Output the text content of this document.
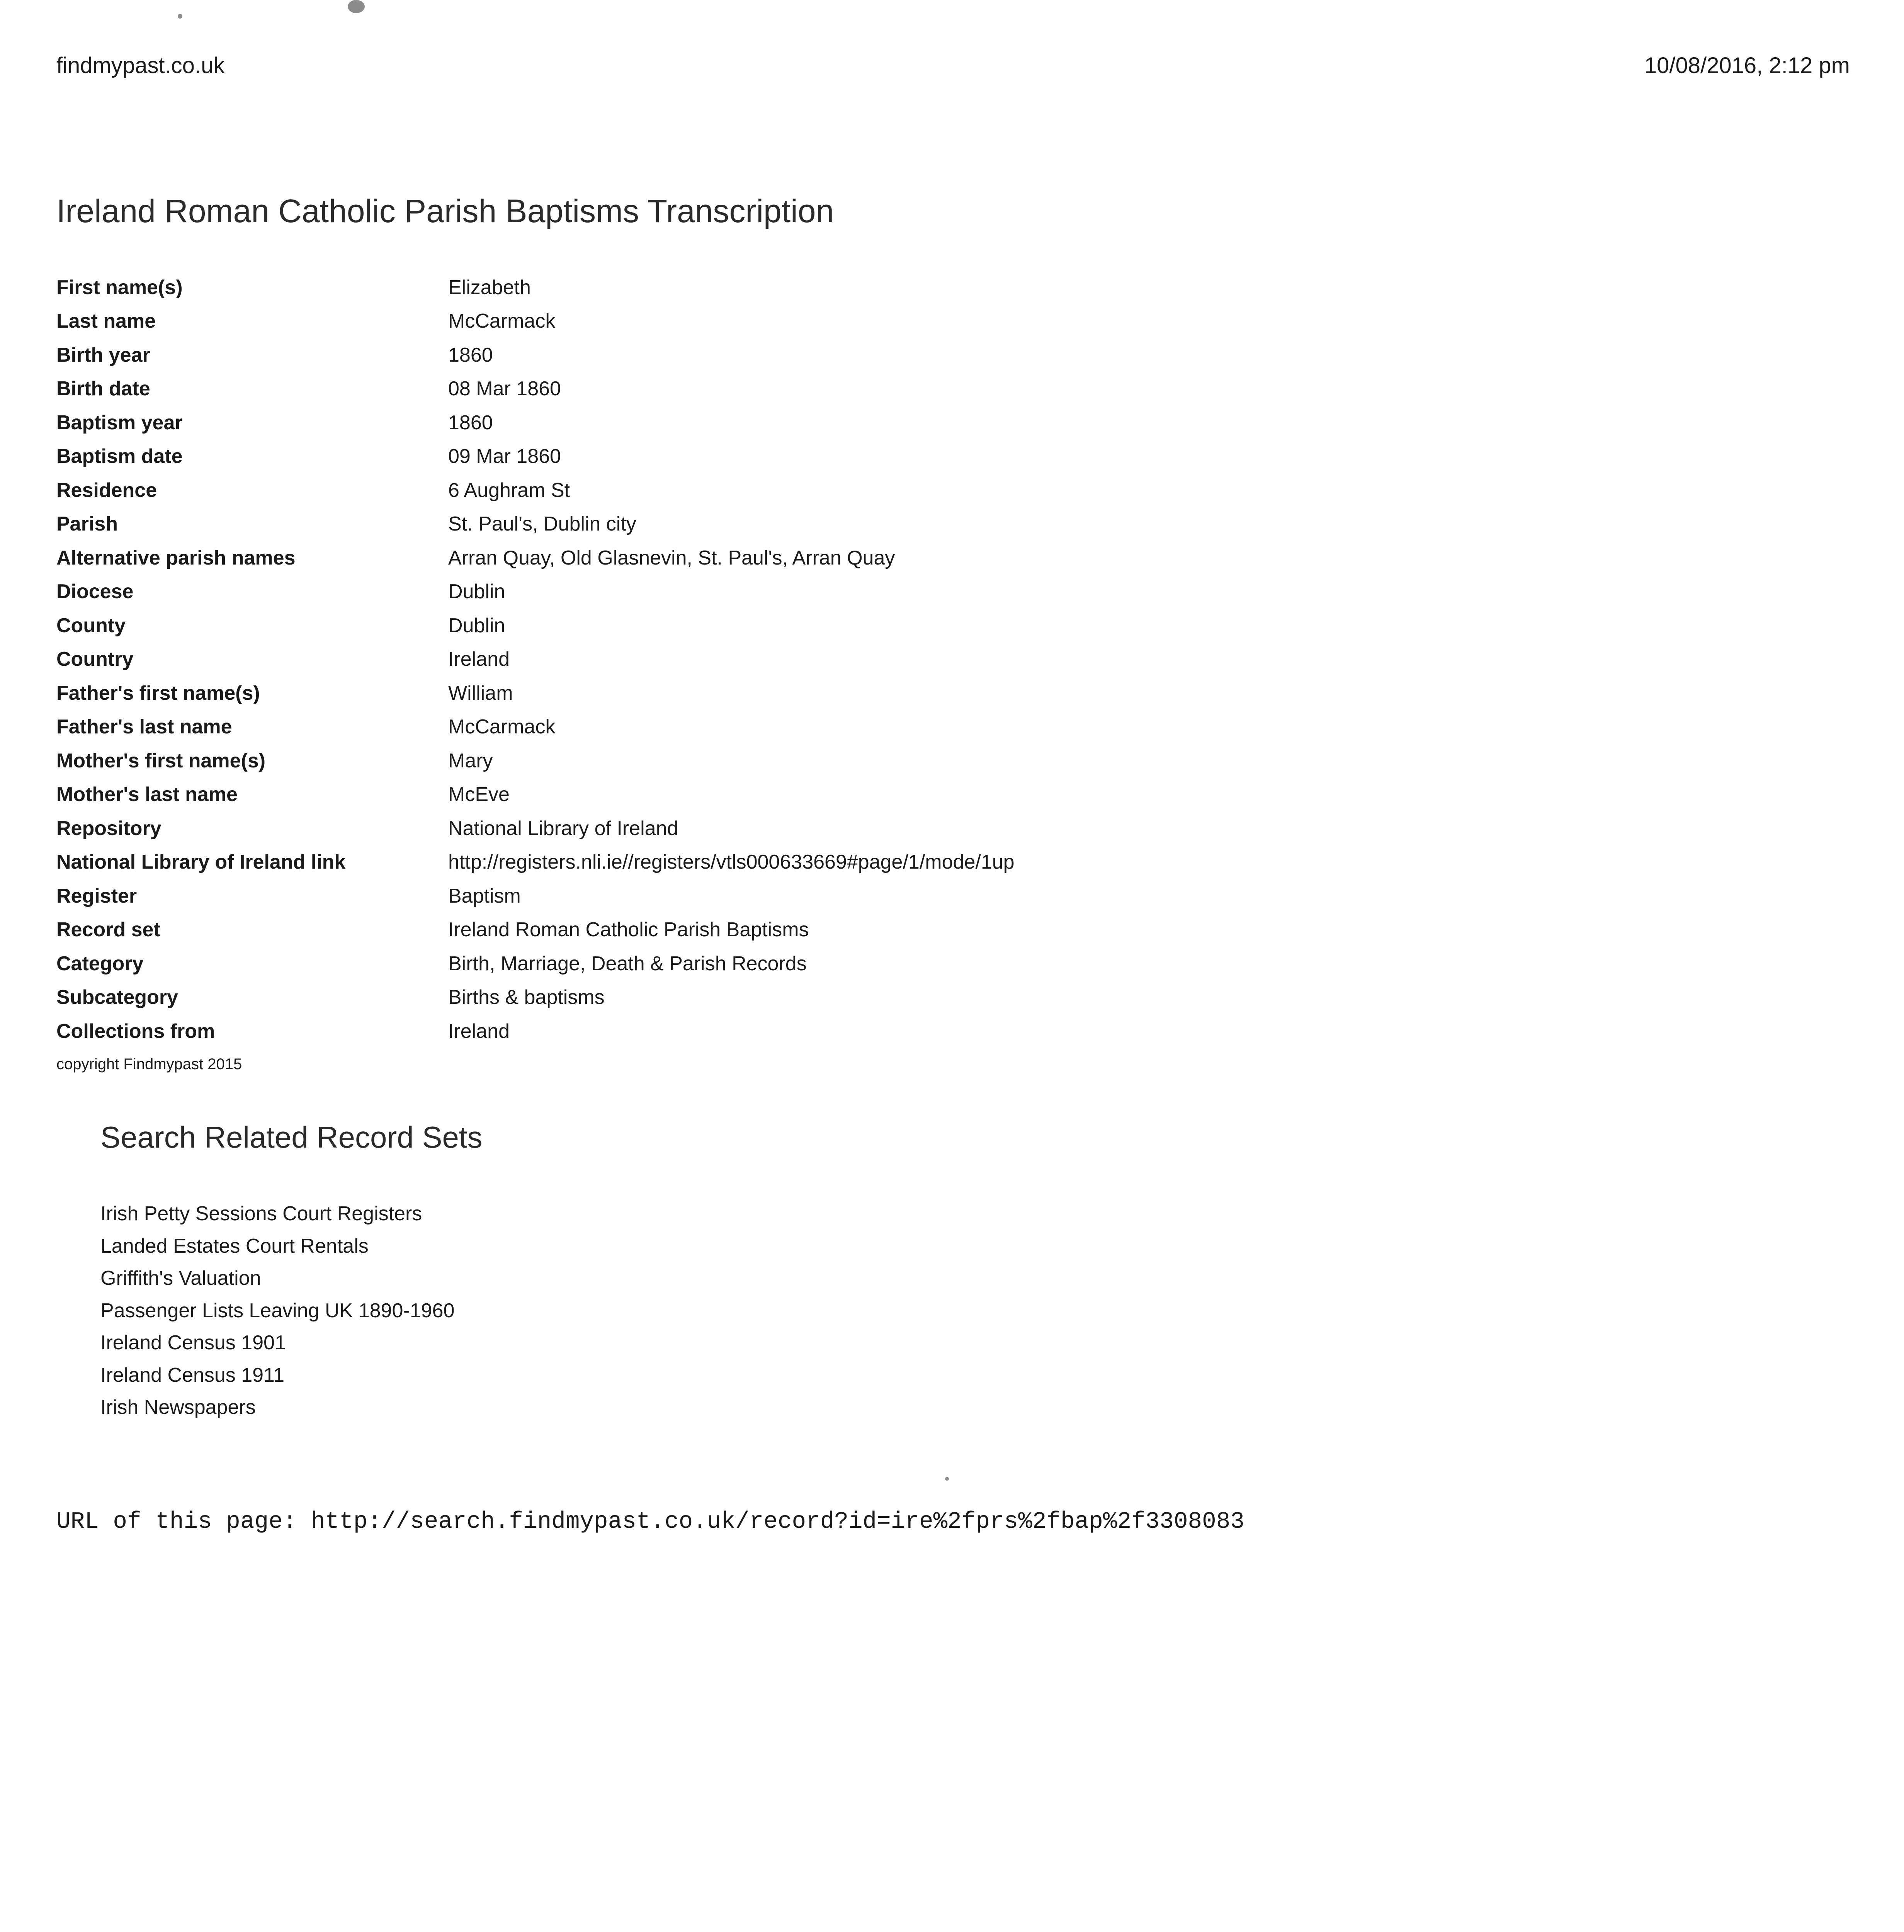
findmypast.co.uk	10/08/2016, 2:12 pm
Ireland Roman Catholic Parish Baptisms Transcription
First name(s)	Elizabeth
Last name	McCarmack
Birth year	1860
Birth date	08 Mar 1860
Baptism year	1860
Baptism date	09 Mar 1860
Residence	6 Aughram St
Parish	St. Paul's, Dublin city
Alternative parish names	Arran Quay, Old Glasnevin, St. Paul's, Arran Quay
Diocese	Dublin
County	Dublin
Country	Ireland
Father's first name(s)	William
Father's last name	McCarmack
Mother's first name(s)	Mary
Mother's last name	McEve
Repository	National Library of Ireland
National Library of Ireland link	http://registers.nli.ie//registers/vtls000633669#page/1/mode/1up
Register	Baptism
Record set	Ireland Roman Catholic Parish Baptisms
Category	Birth, Marriage, Death & Parish Records
Subcategory	Births & baptisms
Collections from	Ireland
copyright Findmypast 2015
Search Related Record Sets
Irish Petty Sessions Court Registers
Landed Estates Court Rentals
Griffith's Valuation
Passenger Lists Leaving UK 1890-1960
Ireland Census 1901
Ireland Census 1911
Irish Newspapers
URL of this page: http://search.findmypast.co.uk/record?id=ire%2fprs%2fbap%2f3308083
